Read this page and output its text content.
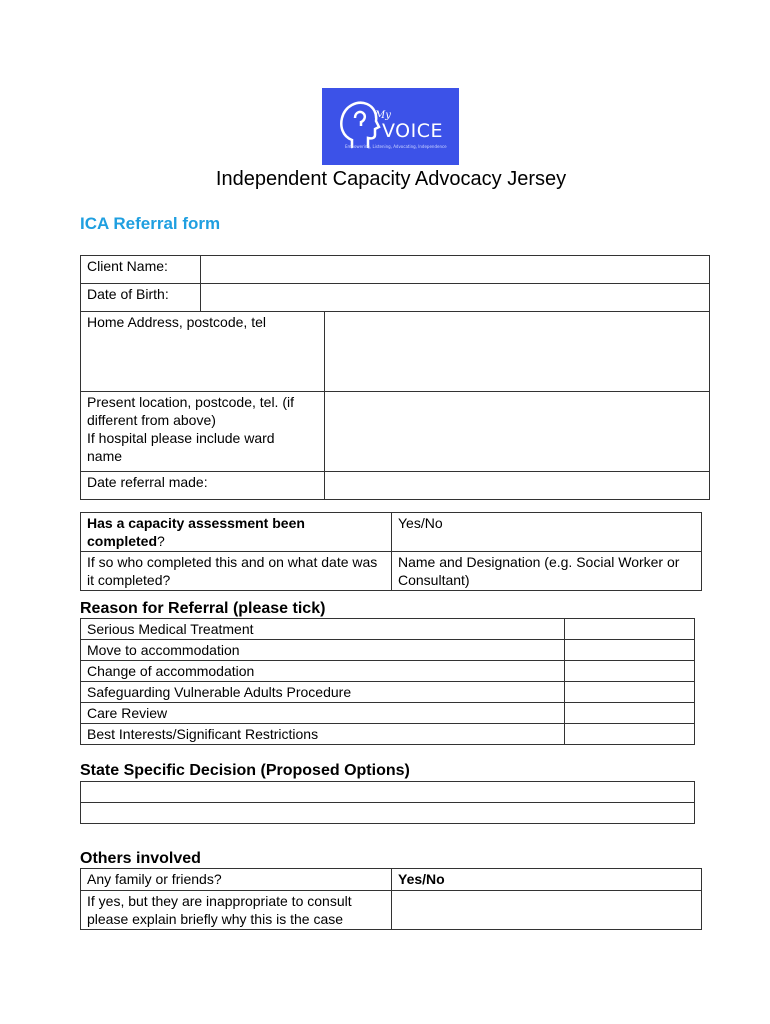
My
VOICE
Empowering, Listening, Advocating, Independence
Independent Capacity Advocacy Jersey
ICA Referral form
Client Name:		
Date of Birth:		
Home Address, postcode, tel		

Present location, postcode, tel. (if
different from above)
If hospital please include ward
name		

Date referral made:		
Has a capacity assessment been completed?	Yes/No
If so who completed this and on what date was it completed?	Name and Designation (e.g. Social Worker or Consultant)
Reason for Referral (please tick)
Serious Medical Treatment	
Move to accommodation	
Change of accommodation	
Safeguarding Vulnerable Adults Procedure	
Care Review	
Best Interests/Significant Restrictions	
State Specific Decision (Proposed Options)

Others involved
Any family or friends?	Yes/No
If yes, but they are inappropriate to consult please explain briefly why this is the case	
